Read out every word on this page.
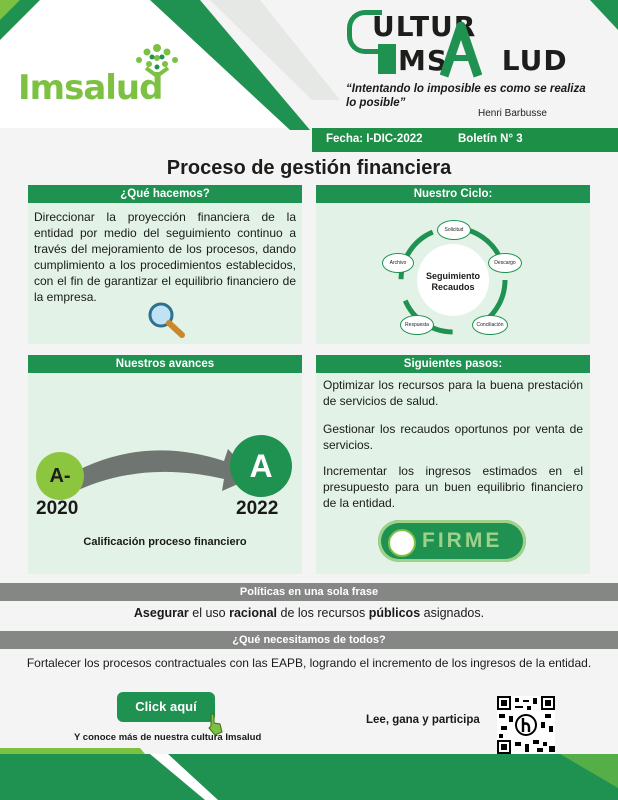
Imsalud
ULTUR
MS     LUD
“Intentando lo imposible es como se realiza lo posible”
Henri Barbusse
Fecha: I-DIC-2022	Boletín N° 3
Proceso de gestión financiera
¿Qué hacemos?
Direccionar la proyección financiera de la entidad por medio del seguimiento continuo a través del mejoramiento de los procesos, dando cumplimiento a los procedimientos establecidos, con el fin de garantizar el equilibrio financiero de la empresa.
Nuestro Ciclo:
Seguimiento Recaudos
Solicitud
Descargo
Conciliación
Respuesta
Archivo
Nuestros avances
A-	A
2020	2022
Calificación proceso financiero
Siguientes pasos:
Optimizar los recursos para la buena prestación de servicios de salud.
Gestionar los recaudos oportunos por venta de servicios.
Incrementar los ingresos estimados en el presupuesto para un buen equilibrio financiero de la entidad.
FIRME
Políticas en una sola frase
Asegurar el uso racional de los recursos públicos asignados.
¿Qué necesitamos de todos?
Fortalecer los procesos contractuales con las EAPB, logrando el incremento de los ingresos de la entidad.
Click aquí
Y conoce más de nuestra cultura Imsalud
Lee, gana y participa
